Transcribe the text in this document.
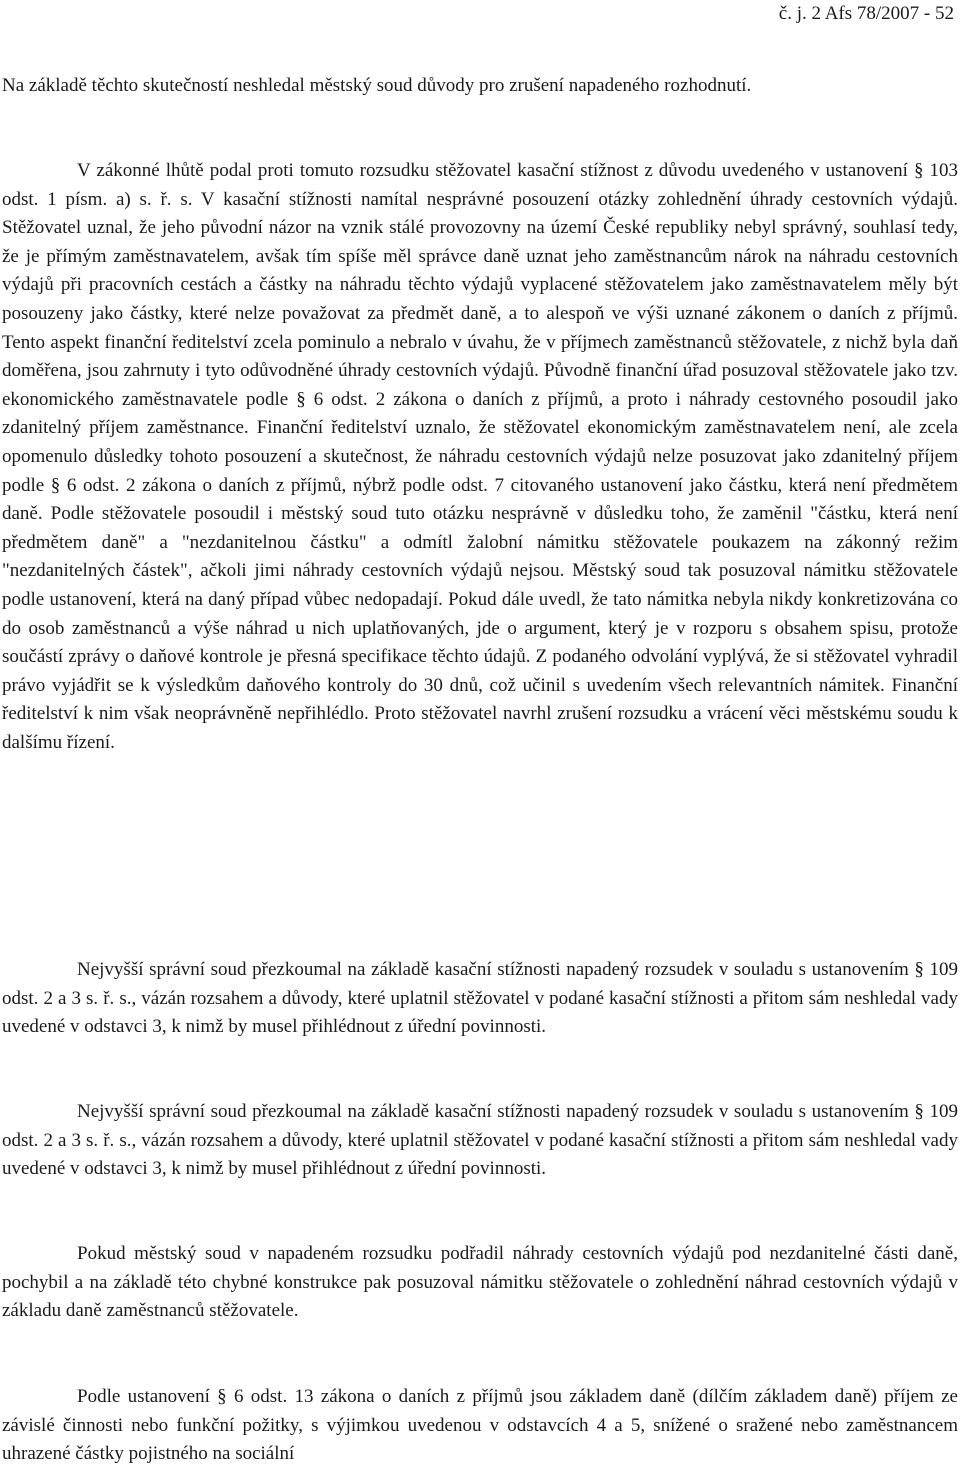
č. j. 2 Afs 78/2007 - 52

Na základě těchto skutečností neshledal městský soud důvody pro zrušení napadeného rozhodnutí.

V zákonné lhůtě podal proti tomuto rozsudku stěžovatel kasační stížnost z důvodu uvedeného v ustanovení § 103 odst. 1 písm. a) s. ř. s. V kasační stížnosti namítal nesprávné posouzení otázky zohlednění úhrady cestovních výdajů. Stěžovatel uznal, že jeho původní názor na vznik stálé provozovny na území České republiky nebyl správný, souhlasí tedy, že je přímým zaměstnavatelem, avšak tím spíše měl správce daně uznat jeho zaměstnancům nárok na náhradu cestovních výdajů při pracovních cestách a částky na náhradu těchto výdajů vyplacené stěžovatelem jako zaměstnavatelem měly být posouzeny jako částky, které nelze považovat za předmět daně, a to alespoň ve výši uznané zákonem o daních z příjmů. Tento aspekt finanční ředitelství zcela pominulo a nebralo v úvahu, že v příjmech zaměstnanců stěžovatele, z nichž byla daň doměřena, jsou zahrnuty i tyto odůvodněné úhrady cestovních výdajů. Původně finanční úřad posuzoval stěžovatele jako tzv. ekonomického zaměstnavatele podle § 6 odst. 2 zákona o daních z příjmů, a proto i náhrady cestovného posoudil jako zdanitelný příjem zaměstnance. Finanční ředitelství uznalo, že stěžovatel ekonomickým zaměstnavatelem není, ale zcela opomenulo důsledky tohoto posouzení a skutečnost, že náhradu cestovních výdajů nelze posuzovat jako zdanitelný příjem podle § 6 odst. 2 zákona o daních z příjmů, nýbrž podle odst. 7 citovaného ustanovení jako částku, která není předmětem daně. Podle stěžovatele posoudil i městský soud tuto otázku nesprávně v důsledku toho, že zaměnil "částku, která není předmětem daně" a "nezdanitelnou částku" a odmítl žalobní námitku stěžovatele poukazem na zákonný režim "nezdanitelných částek", ačkoli jimi náhrady cestovních výdajů nejsou. Městský soud tak posuzoval námitku stěžovatele podle ustanovení, která na daný případ vůbec nedopadají. Pokud dále uvedl, že tato námitka nebyla nikdy konkretizována co do osob zaměstnanců a výše náhrad u nich uplatňovaných, jde o argument, který je v rozporu s obsahem spisu, protože součástí zprávy o daňové kontrole je přesná specifikace těchto údajů. Z podaného odvolání vyplývá, že si stěžovatel vyhradil právo vyjádřit se k výsledkům daňového kontroly do 30 dnů, což učinil s uvedením všech relevantních námitek. Finanční ředitelství k nim však neoprávněně nepřihlédlo. Proto stěžovatel navrhl zrušení rozsudku a vrácení věci městskému soudu k dalšímu řízení.

Nejvyšší správní soud přezkoumal na základě kasační stížnosti napadený rozsudek v souladu s ustanovením § 109 odst. 2 a 3 s. ř. s., vázán rozsahem a důvody, které uplatnil stěžovatel v podané kasační stížnosti a přitom sám neshledal vady uvedené v odstavci 3, k nimž by musel přihlédnout z úřední povinnosti.

Nejvyšší správní soud přezkoumal na základě kasační stížnosti napadený rozsudek v souladu s ustanovením § 109 odst. 2 a 3 s. ř. s., vázán rozsahem a důvody, které uplatnil stěžovatel v podané kasační stížnosti a přitom sám neshledal vady uvedené v odstavci 3, k nimž by musel přihlédnout z úřední povinnosti.

Pokud městský soud v napadeném rozsudku podřadil náhrady cestovních výdajů pod nezdanitelné části daně, pochybil a na základě této chybné konstrukce pak posuzoval námitku stěžovatele o zohlednění náhrad cestovních výdajů v základu daně zaměstnanců stěžovatele.

Podle ustanovení § 6 odst. 13 zákona o daních z příjmů jsou základem daně (dílčím základem daně) příjem ze závislé činnosti nebo funkční požitky, s výjimkou uvedenou v odstavcích 4 a 5, snížené o sražené nebo zaměstnancem uhrazené částky pojistného na sociální
